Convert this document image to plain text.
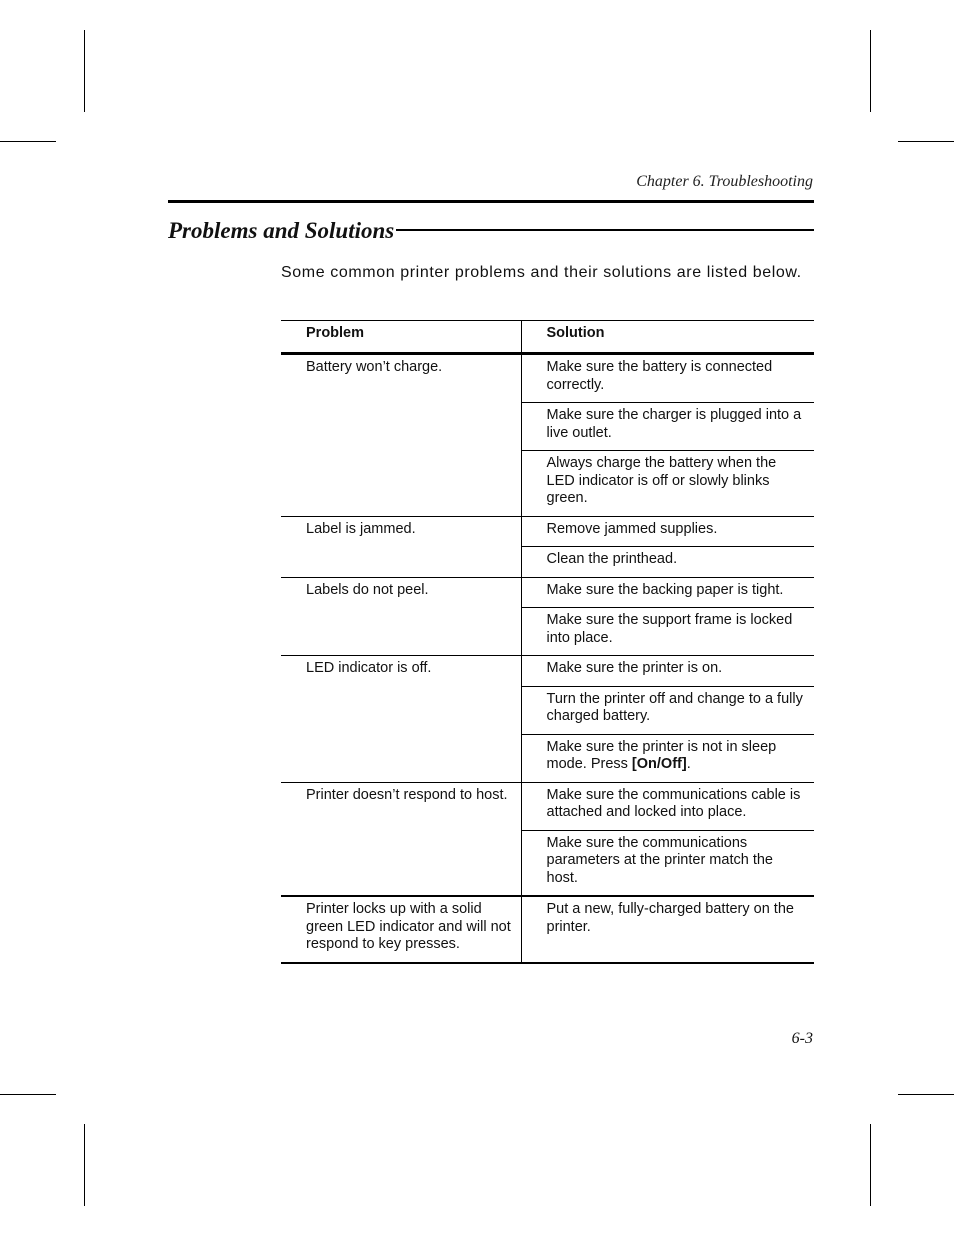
Chapter 6. Troubleshooting
Problems and Solutions
Some common printer problems and their solutions are listed below.
Problem	Solution
Battery won’t charge.	Make sure the battery is connected correctly.
	Make sure the charger is plugged into a live outlet.
	Always charge the battery when the LED indicator is off or slowly blinks green.
Label is jammed.	Remove jammed supplies.
	Clean the printhead.
Labels do not peel.	Make sure the backing paper is tight.
	Make sure the support frame is locked into place.
LED indicator is off.	Make sure the printer is on.
	Turn the printer off and change to a fully charged battery.
	Make sure the printer is not in sleep mode. Press [On/Off].
Printer doesn’t respond to host.	Make sure the communications cable is attached and locked into place.
	Make sure the communications parameters at the printer match the host.
Printer locks up with a solid green LED indicator and will not respond to key presses.	Put a new, fully-charged battery on the printer.
6-3
